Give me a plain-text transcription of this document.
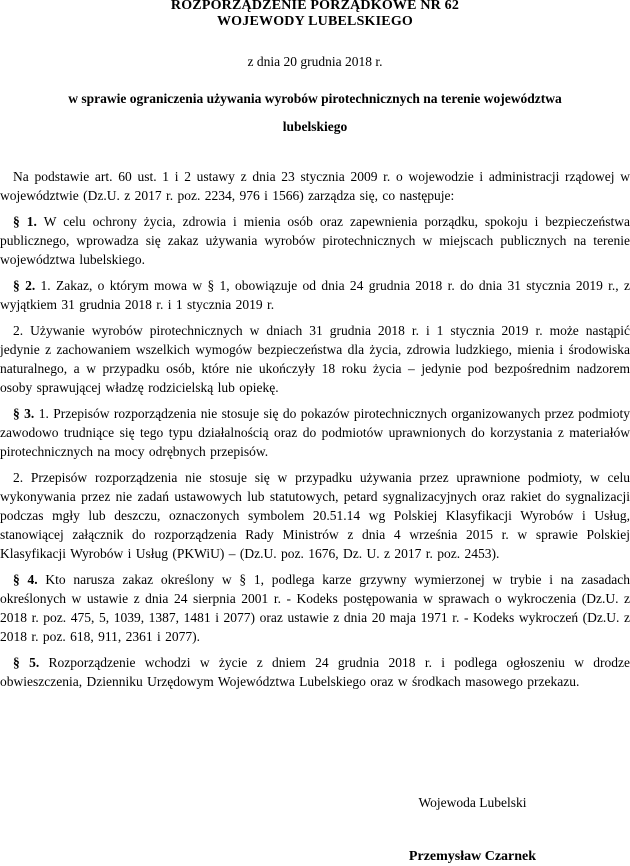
ROZPORZĄDZENIE PORZĄDKOWE NR 62
WOJEWODY LUBELSKIEGO
z dnia 20 grudnia 2018 r.
w sprawie ograniczenia używania wyrobów pirotechnicznych na terenie województwa
lubelskiego

Na podstawie art. 60 ust. 1 i 2 ustawy z dnia 23 stycznia 2009 r. o wojewodzie i administracji rządowej w województwie (Dz.U. z 2017 r. poz. 2234, 976 i 1566) zarządza się, co następuje:

§ 1. W celu ochrony życia, zdrowia i mienia osób oraz zapewnienia porządku, spokoju i bezpieczeństwa publicznego, wprowadza się zakaz używania wyrobów pirotechnicznych w miejscach publicznych na terenie województwa lubelskiego.

§ 2. 1. Zakaz, o którym mowa w § 1, obowiązuje od dnia 24 grudnia 2018 r. do dnia 31 stycznia 2019 r., z wyjątkiem 31 grudnia 2018 r. i 1 stycznia 2019 r.

2. Używanie wyrobów pirotechnicznych w dniach 31 grudnia 2018 r. i 1 stycznia 2019 r. może nastąpić jedynie z zachowaniem wszelkich wymogów bezpieczeństwa dla życia, zdrowia ludzkiego, mienia i środowiska naturalnego, a w przypadku osób, które nie ukończyły 18 roku życia – jedynie pod bezpośrednim nadzorem osoby sprawującej władzę rodzicielską lub opiekę.

§ 3. 1. Przepisów rozporządzenia nie stosuje się do pokazów pirotechnicznych organizowanych przez podmioty zawodowo trudniące się tego typu działalnością oraz do podmiotów uprawnionych do korzystania z materiałów pirotechnicznych na mocy odrębnych przepisów.

2. Przepisów rozporządzenia nie stosuje się w przypadku używania przez uprawnione podmioty, w celu wykonywania przez nie zadań ustawowych lub statutowych, petard sygnalizacyjnych oraz rakiet do sygnalizacji podczas mgły lub deszczu, oznaczonych symbolem 20.51.14 wg Polskiej Klasyfikacji Wyrobów i Usług, stanowiącej załącznik do rozporządzenia Rady Ministrów z dnia 4 września 2015 r. w sprawie Polskiej Klasyfikacji Wyrobów i Usług (PKWiU) – (Dz.U. poz. 1676, Dz. U. z 2017 r. poz. 2453).

§ 4. Kto narusza zakaz określony w § 1, podlega karze grzywny wymierzonej w trybie i na zasadach określonych w ustawie z dnia 24 sierpnia 2001 r. - Kodeks postępowania w sprawach o wykroczenia (Dz.U. z 2018 r. poz. 475, 5, 1039, 1387, 1481 i 2077) oraz ustawie z dnia 20 maja 1971 r. - Kodeks wykroczeń (Dz.U. z 2018 r. poz. 618, 911, 2361 i 2077).

§ 5. Rozporządzenie wchodzi w życie z dniem 24 grudnia 2018 r. i podlega ogłoszeniu w drodze obwieszczenia, Dzienniku Urzędowym Województwa Lubelskiego oraz w środkach masowego przekazu.

Wojewoda Lubelski
Przemysław Czarnek
